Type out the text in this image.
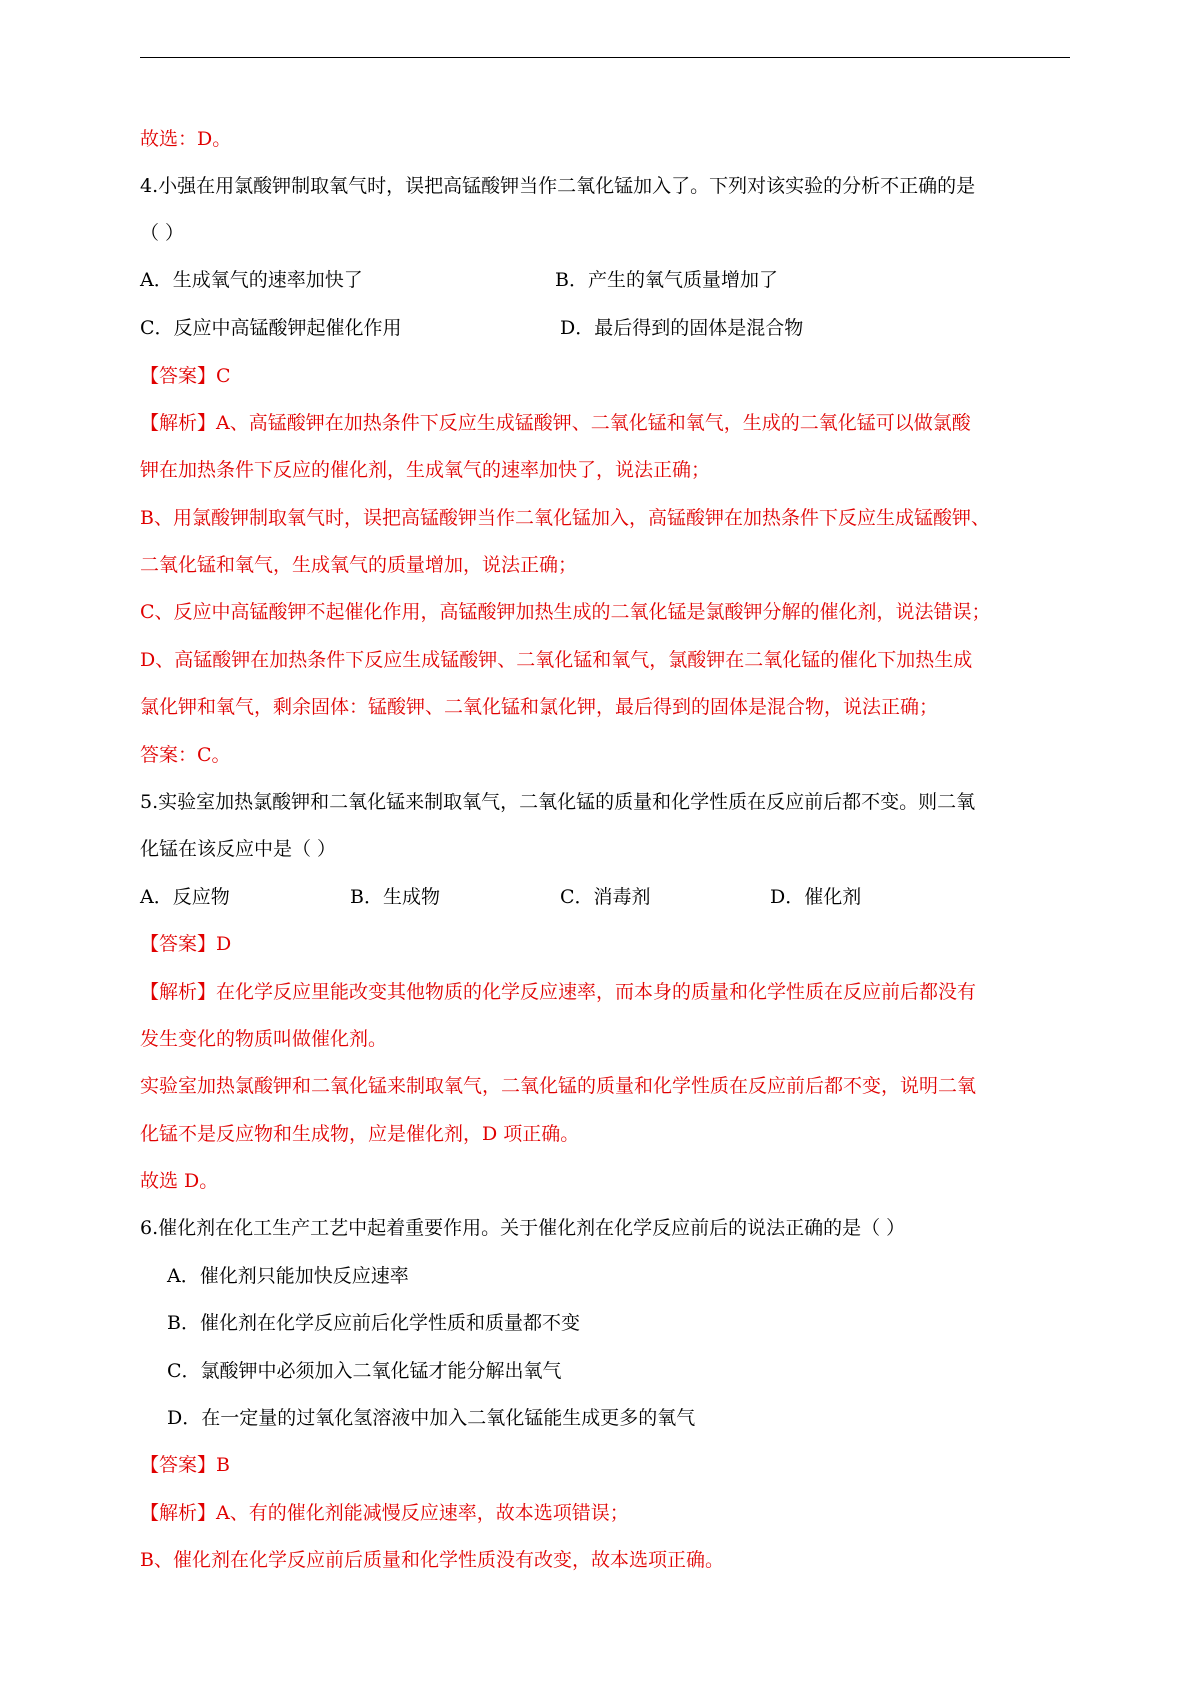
故选：D。
4.小强在用氯酸钾制取氧气时，误把高锰酸钾当作二氧化锰加入了。下列对该实验的分析不正确的是
（ ）
A．生成氧气的速率加快了	B．产生的氧气质量增加了
C．反应中高锰酸钾起催化作用	D．最后得到的固体是混合物
【答案】C
【解析】A、高锰酸钾在加热条件下反应生成锰酸钾、二氧化锰和氧气，生成的二氧化锰可以做氯酸
钾在加热条件下反应的催化剂，生成氧气的速率加快了，说法正确；
B、用氯酸钾制取氧气时，误把高锰酸钾当作二氧化锰加入，高锰酸钾在加热条件下反应生成锰酸钾、
二氧化锰和氧气，生成氧气的质量增加，说法正确；
C、反应中高锰酸钾不起催化作用，高锰酸钾加热生成的二氧化锰是氯酸钾分解的催化剂，说法错误；
D、高锰酸钾在加热条件下反应生成锰酸钾、二氧化锰和氧气，氯酸钾在二氧化锰的催化下加热生成
氯化钾和氧气，剩余固体：锰酸钾、二氧化锰和氯化钾，最后得到的固体是混合物，说法正确；
答案：C。
5.实验室加热氯酸钾和二氧化锰来制取氧气，二氧化锰的质量和化学性质在反应前后都不变。则二氧
化锰在该反应中是（ ）
A．反应物	B．生成物	C．消毒剂	D．催化剂
【答案】D
【解析】在化学反应里能改变其他物质的化学反应速率，而本身的质量和化学性质在反应前后都没有
发生变化的物质叫做催化剂。
实验室加热氯酸钾和二氧化锰来制取氧气，二氧化锰的质量和化学性质在反应前后都不变，说明二氧
化锰不是反应物和生成物，应是催化剂，D 项正确。
故选 D。
6.催化剂在化工生产工艺中起着重要作用。关于催化剂在化学反应前后的说法正确的是（ ）
A．催化剂只能加快反应速率
B．催化剂在化学反应前后化学性质和质量都不变
C．氯酸钾中必须加入二氧化锰才能分解出氧气
D．在一定量的过氧化氢溶液中加入二氧化锰能生成更多的氧气
【答案】B
【解析】A、有的催化剂能减慢反应速率，故本选项错误；
B、催化剂在化学反应前后质量和化学性质没有改变，故本选项正确。
